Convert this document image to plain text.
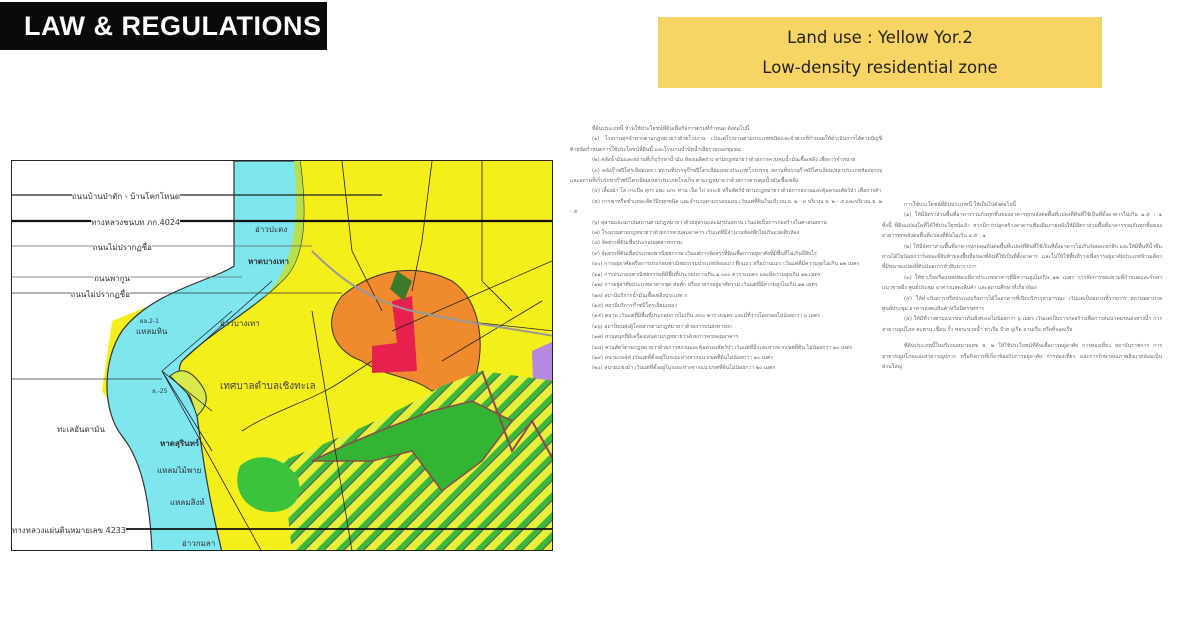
LAW & REGULATIONS	Land use : Yellow Yor.2
Low-density residential zone
ถนนบ้านป่าตัก - บ้านโคกโหนด
ทางหลวงชนบท ภก.4024
ถนนไม่ปรากฏชื่อ
ถนนพากูน
ถนนไม่ปรากฏชื่อ
ทางหลวงแผ่นดินหมายเลข 4233
อ่าวปะตง
หาดบางเทา
ผล.2-1
แหลมหิน
อ่าวบางเทา
ล.-25
ทะเลอันดามัน
หาดสุรินทร์
แหลมไม้พาย
แหลมสิงห์
อ่าวกมลา
เทศบาลตำบลเชิงทะเล
ที่ดินประเภทนี้ ห้ามใช้ประโยชน์ที่ดินเพื่อกิจการตามที่กำหนด ดังต่อไปนี้

(๑) โรงงานทุกจำพวกตามกฎหมายว่าด้วยโรงงาน เว้นแต่โรงงานตามประเภทชนิดและจำพวกที่กำหนดให้ดำเนินการได้ตามบัญชีท้ายข้อกำหนดการใช้ประโยชน์ที่ดินนี้ และโรงงานบำบัดน้ำเสียรวมของชุมชน

(๒) คลังน้ำมันและสถานที่เก็บรักษาน้ำมัน ห้องเผลิตย่าง ตามกฎหมายว่าด้วยการควบคุมน้ำมันเชื้อเพลิง เพื่อการจำหน่าย

(๓) คลังก๊าซปิโตรเลียมเหลว สถานที่บรรจุก๊าซปิโตรเลียมเหลวประเภทโรงบรรจุ สถานที่บรรจุก๊าซปิโตรเลียมเหลวประเภทห้องบรรจุ และสถานที่เก็บรักษาก๊าซปิโตรเลียมเหลวประเภทโรงเก็บ ตามกฎหมายว่าด้วยการควบคุมน้ำมันเชื้อเพลิง

(๔) เลี้ยงม้า โค กระบือ สุกร แพะ แกะ ห่าน เป็ด ไก่ จระเข้ หรือสัตว์ป่าตามกฎหมายว่าด้วยการสงวนและคุ้มครองสัตว์ป่า เพื่อการค้า

(๕) การฆ่าหรือชำแหละสัตว์ปีกทุกชนิด และจำนวนตามกรอบแผน เว้นแต่ที่ดินในบริเวณ ย. ๒ - ๓ บริเวณ ย. ๒ - ๔ และบริเวณ ย. ๒ - ๕

(๖) สุสานและฌาปนสถานตามกฎหมายว่าด้วยสุสานและฌาปนสถาน เว้นแต่เป็นการก่อสร้างในศาสนสถาน

(๗) โรงแรมตามกฎหมายว่าด้วยการควบคุมอาคาร เว้นแต่ที่มีจำนวนห้องพักไม่เกินแปดสิบห้อง

(๘) จัดสรรที่ดินเพื่อประกอบอุตสาหกรรม

(๙) จัดสรรที่ดินเพื่อประกอบพาณิชยกรรม เว้นแต่การจัดสรรที่ดินเพื่อการอยู่อาศัยที่มีพื้นที่ไม่เกินยี่สิบไร่

(๑๐) การอยู่อาศัยหรือการประกอบพาณิชยกรรมประเภทห้องแถว ตึกแถว หรือบ้านแถว เว้นแต่ที่มีความสูงไม่เกิน ๑๒ เมตร

(๑๑) การประกอบพาณิชยกรรมที่มีพื้นที่ประกอบการเกิน ๑,๐๐๐ ตารางเมตร และมีความสูงเกิน ๑๒ เมตร

(๑๒) การอยู่อาศัยประเภทอาคารชุด หอพัก หรืออาคารอยู่อาศัยรวม เว้นแต่ที่มีความสูงไม่เกิน ๑๒ เมตร

(๑๓) สถานีบริการน้ำมันเชื้อเพลิงประเภท ก

(๑๔) สถานีบริการก๊าซปิโตรเลียมเหลว

(๑๕) ตลาด เว้นแต่ที่มีพื้นที่ประกอบการไม่เกิน ๕๐๐ ตารางเมตร และมีที่ว่างโดยรอบไม่น้อยกว่า ๖ เมตร

(๑๖) สถานีขนส่งผู้โดยสารตามกฎหมายว่าด้วยการขนส่งทางบก

(๑๗) สวนสนุกที่มีเครื่องเล่นตามกฎหมายว่าด้วยการควบคุมอาคาร

(๑๘) สวนสัตว์ตามกฎหมายว่าด้วยการสงวนและคุ้มครองสัตว์ป่า เว้นแต่ที่มีระยะห่างจากเขตที่ดิน ไม่น้อยกว่า ๑๐ เมตร

(๑๙) สนามกอล์ฟ เว้นแต่ที่ตั้งอยู่ในระยะห่างจากแนวเขตที่ดินไม่น้อยกว่า ๑๐ เมตร

(๒๐) สนามแข่งม้า เว้นแต่ที่ตั้งอยู่ในระยะห่างจากแนวเขตที่ดินไม่น้อยกว่า ๒๐ เมตร

การใช้ประโยชน์ที่ดินประเภทนี้ ให้เป็นไปดังต่อไปนี้

(๑) ให้มีอัตราส่วนพื้นที่อาคารรวมกันทุกชั้นของอาคารทุกหลังต่อพื้นที่แปลงที่ดินที่ใช้เป็นที่ตั้งอาคารไม่เกิน ๑.๕ : ๑ ทั้งนี้ ที่ดินแปลงใดที่ได้ใช้ประโยชน์แล้ว หากมีการปลูกสร้างอาคารเพิ่มเติมภายหลังให้มีอัตราส่วนพื้นที่อาคารรวมกันทุกชั้นของอาคารทุกหลังต่อพื้นที่แปลงที่ดินไม่เกิน ๑.๕ : ๑

(๒) ให้มีอัตราส่วนพื้นที่อาคารปกคลุมดินต่อพื้นที่แปลงที่ดินที่ใช้เป็นที่ตั้งอาคารไม่เกินร้อยละหกสิบ และให้มีพื้นที่น้ำซึมผ่านได้ไม่น้อยกว่าร้อยละยี่สิบห้าของพื้นที่แปลงที่ดินที่ใช้เป็นที่ตั้งอาคาร และไม่ให้ใช้พื้นที่ว่างเพื่อการอยู่อาศัยประเภทบ้านเดี่ยวที่มีขนาดแปลงที่ดินน้อยกว่าห้าสิบตารางวา

(๓) ให้ท่าเรือหรือแหล่งท่องเที่ยวประเภทอาคารที่มีความสูงไม่เกิน ๑๒ เมตร การจัดการขยะตามที่กำหนดและรักษาแนวชายฝั่ง ศูนย์ประชุม อาคารแสดงสินค้า และสถานศึกษาที่เกี่ยวข้อง

(๔) ให้ดำเนินการหรือประกอบกิจการได้ในอาคารที่เปิดบริการสาธารณะ เว้นแต่เป็นสถานที่ราชการ สถานพยาบาล ศูนย์ประชุม อาคารแสดงสินค้าหรือนิทรรศการ

(๕) ให้มีที่ว่างตามแนวขนานริมฝั่งทะเลไม่น้อยกว่า ๖ เมตร เว้นแต่เป็นการก่อสร้างเพื่อการคมนาคมขนส่งทางน้ำ การสาธารณูปโภค สะพาน เขื่อน รั้ว ท่อระบายน้ำ ท่าเรือ ป้าย อู่เรือ คานเรือ หรือที่จอดเรือ

ที่ดินประเภทนี้ในบริเวณหมายเลข ย. ๒ ให้ใช้ประโยชน์ที่ดินเพื่อการอยู่อาศัย การท่องเที่ยว สถาบันราชการ การสาธารณูปโภคและสาธารณูปการ หรือกิจการที่เกี่ยวข้องกับการอยู่อาศัย การท่องเที่ยว และการรักษาคุณภาพสิ่งแวดล้อมเป็นส่วนใหญ่
